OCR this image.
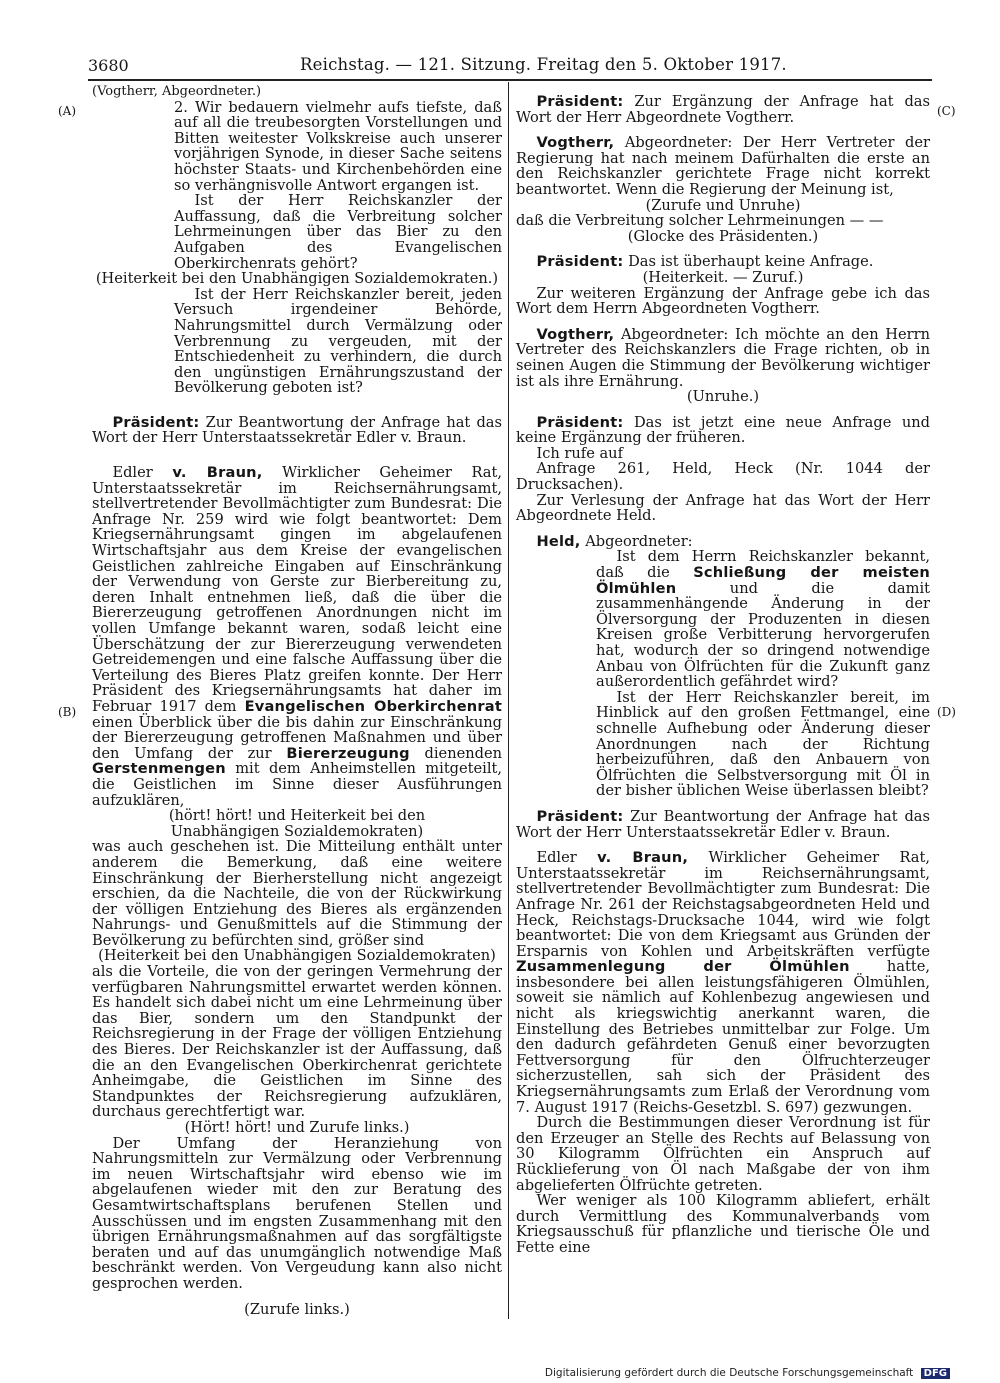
3680	Reichstag. — 121. Sitzung. Freitag den 5. Oktober 1917.
(A)
(B)
(C)
(D)

(Vogtherr, Abgeordneter.)

2. Wir bedauern vielmehr aufs tiefste, daß auf all die treubesorgten Vorstellungen und Bitten weitester Volkskreise auch unserer vorjährigen Synode, in dieser Sache seitens höchster Staats- und Kirchenbehörden eine so verhängnisvolle Antwort ergangen ist.

Ist der Herr Reichskanzler der Auffassung, daß die Verbreitung solcher Lehrmeinungen über das Bier zu den Aufgaben des Evangelischen Oberkirchenrats gehört?

(Heiterkeit bei den Unabhängigen Sozialdemokraten.)

Ist der Herr Reichskanzler bereit, jeden Versuch irgendeiner Behörde, Nahrungsmittel durch Vermälzung oder Verbrennung zu vergeuden, mit der Entschiedenheit zu verhindern, die durch den ungünstigen Ernährungszustand der Bevölkerung geboten ist?

Präsident: Zur Beantwortung der Anfrage hat das Wort der Herr Unterstaatssekretär Edler v. Braun.

Edler v. Braun, Wirklicher Geheimer Rat, Unterstaatssekretär im Reichsernährungsamt, stellvertretender Bevollmächtigter zum Bundesrat: Die Anfrage Nr. 259 wird wie folgt beantwortet: Dem Kriegsernährungsamt gingen im abgelaufenen Wirtschaftsjahr aus dem Kreise der evangelischen Geistlichen zahlreiche Eingaben auf Einschränkung der Verwendung von Gerste zur Bierbereitung zu, deren Inhalt entnehmen ließ, daß die über die Biererzeugung getroffenen Anordnungen nicht im vollen Umfange bekannt waren, sodaß leicht eine Überschätzung der zur Biererzeugung verwendeten Getreidemengen und eine falsche Auffassung über die Verteilung des Bieres Platz greifen konnte. Der Herr Präsident des Kriegsernährungsamts hat daher im Februar 1917 dem Evangelischen Oberkirchenrat einen Überblick über die bis dahin zur Einschränkung der Biererzeugung getroffenen Maßnahmen und über den Umfang der zur Biererzeugung dienenden Gerstenmengen mit dem Anheimstellen mitgeteilt, die Geistlichen im Sinne dieser Ausführungen aufzuklären,

(hört! hört! und Heiterkeit bei den Unabhängigen Sozialdemokraten)

was auch geschehen ist. Die Mitteilung enthält unter anderem die Bemerkung, daß eine weitere Einschränkung der Bierherstellung nicht angezeigt erschien, da die Nachteile, die von der Rückwirkung der völligen Entziehung des Bieres als ergänzenden Nahrungs- und Genußmittels auf die Stimmung der Bevölkerung zu befürchten sind, größer sind

(Heiterkeit bei den Unabhängigen Sozialdemokraten)

als die Vorteile, die von der geringen Vermehrung der verfügbaren Nahrungsmittel erwartet werden können. Es handelt sich dabei nicht um eine Lehrmeinung über das Bier, sondern um den Standpunkt der Reichsregierung in der Frage der völligen Entziehung des Bieres. Der Reichskanzler ist der Auffassung, daß die an den Evangelischen Oberkirchenrat gerichtete Anheimgabe, die Geistlichen im Sinne des Standpunktes der Reichsregierung aufzuklären, durchaus gerechtfertigt war.

(Hört! hört! und Zurufe links.)

Der Umfang der Heranziehung von Nahrungsmitteln zur Vermälzung oder Verbrennung im neuen Wirtschaftsjahr wird ebenso wie im abgelaufenen wieder mit den zur Beratung des Gesamtwirtschaftsplans berufenen Stellen und Ausschüssen und im engsten Zusammenhang mit den übrigen Ernährungsmaßnahmen auf das sorgfältigste beraten und auf das unumgänglich notwendige Maß beschränkt werden. Von Vergeudung kann also nicht gesprochen werden.

(Zurufe links.)

Präsident: Zur Ergänzung der Anfrage hat das Wort der Herr Abgeordnete Vogtherr.

Vogtherr, Abgeordneter: Der Herr Vertreter der Regierung hat nach meinem Dafürhalten die erste an den Reichskanzler gerichtete Frage nicht korrekt beantwortet. Wenn die Regierung der Meinung ist,

(Zurufe und Unruhe)

daß die Verbreitung solcher Lehrmeinungen — —

(Glocke des Präsidenten.)

Präsident: Das ist überhaupt keine Anfrage.

(Heiterkeit. — Zuruf.)

Zur weiteren Ergänzung der Anfrage gebe ich das Wort dem Herrn Abgeordneten Vogtherr.

Vogtherr, Abgeordneter: Ich möchte an den Herrn Vertreter des Reichskanzlers die Frage richten, ob in seinen Augen die Stimmung der Bevölkerung wichtiger ist als ihre Ernährung.

(Unruhe.)

Präsident: Das ist jetzt eine neue Anfrage und keine Ergänzung der früheren.

Ich rufe auf

Anfrage 261, Held, Heck (Nr. 1044 der Drucksachen).

Zur Verlesung der Anfrage hat das Wort der Herr Abgeordnete Held.

Held, Abgeordneter:

Ist dem Herrn Reichskanzler bekannt, daß die Schließung der meisten Ölmühlen	und die damit zusammenhängende Änderung in der Ölversorgung der Produzenten in diesen Kreisen große Verbitterung hervorgerufen hat, wodurch der so dringend notwendige Anbau von Ölfrüchten für die Zukunft ganz außerordentlich gefährdet wird?

Ist der Herr Reichskanzler bereit, im Hinblick auf den großen Fettmangel, eine schnelle Aufhebung oder Änderung dieser Anordnungen nach der Richtung herbeizuführen, daß den Anbauern von Ölfrüchten die Selbstversorgung mit Öl in der bisher üblichen Weise überlassen bleibt?

Präsident: Zur Beantwortung der Anfrage hat das Wort der Herr Unterstaatssekretär Edler v. Braun.

Edler v. Braun, Wirklicher Geheimer Rat, Unterstaatssekretär im Reichsernährungsamt, stellvertretender Bevollmächtigter zum Bundesrat: Die Anfrage Nr. 261 der Reichstagsabgeordneten Held und Heck, Reichstags-Drucksache 1044, wird wie folgt beantwortet: Die von dem Kriegsamt aus Gründen der Ersparnis von Kohlen und Arbeitskräften verfügte Zusammenlegung der Ölmühlen	hatte, insbesondere bei allen leistungsfähigeren Ölmühlen, soweit sie nämlich auf Kohlenbezug angewiesen und nicht als kriegswichtig anerkannt waren, die Einstellung des Betriebes unmittelbar zur Folge. Um den dadurch gefährdeten Genuß einer bevorzugten Fettversorgung für den Ölfruchterzeuger sicherzustellen, sah sich der Präsident des Kriegsernährungsamts zum Erlaß der Verordnung vom 7. August 1917 (Reichs-Gesetzbl. S. 697) gezwungen.

Durch die Bestimmungen dieser Verordnung ist für den Erzeuger an Stelle des Rechts auf Belassung von 30 Kilogramm Ölfrüchten ein Anspruch auf Rücklieferung von Öl nach Maßgabe der von ihm abgelieferten Ölfrüchte getreten.

Wer weniger als 100 Kilogramm abliefert, erhält durch Vermittlung des Kommunalverbands vom Kriegsausschuß für pflanzliche und tierische Öle und Fette eine

Digitalisierung gefördert durch die Deutsche Forschungsgemeinschaft DFG
